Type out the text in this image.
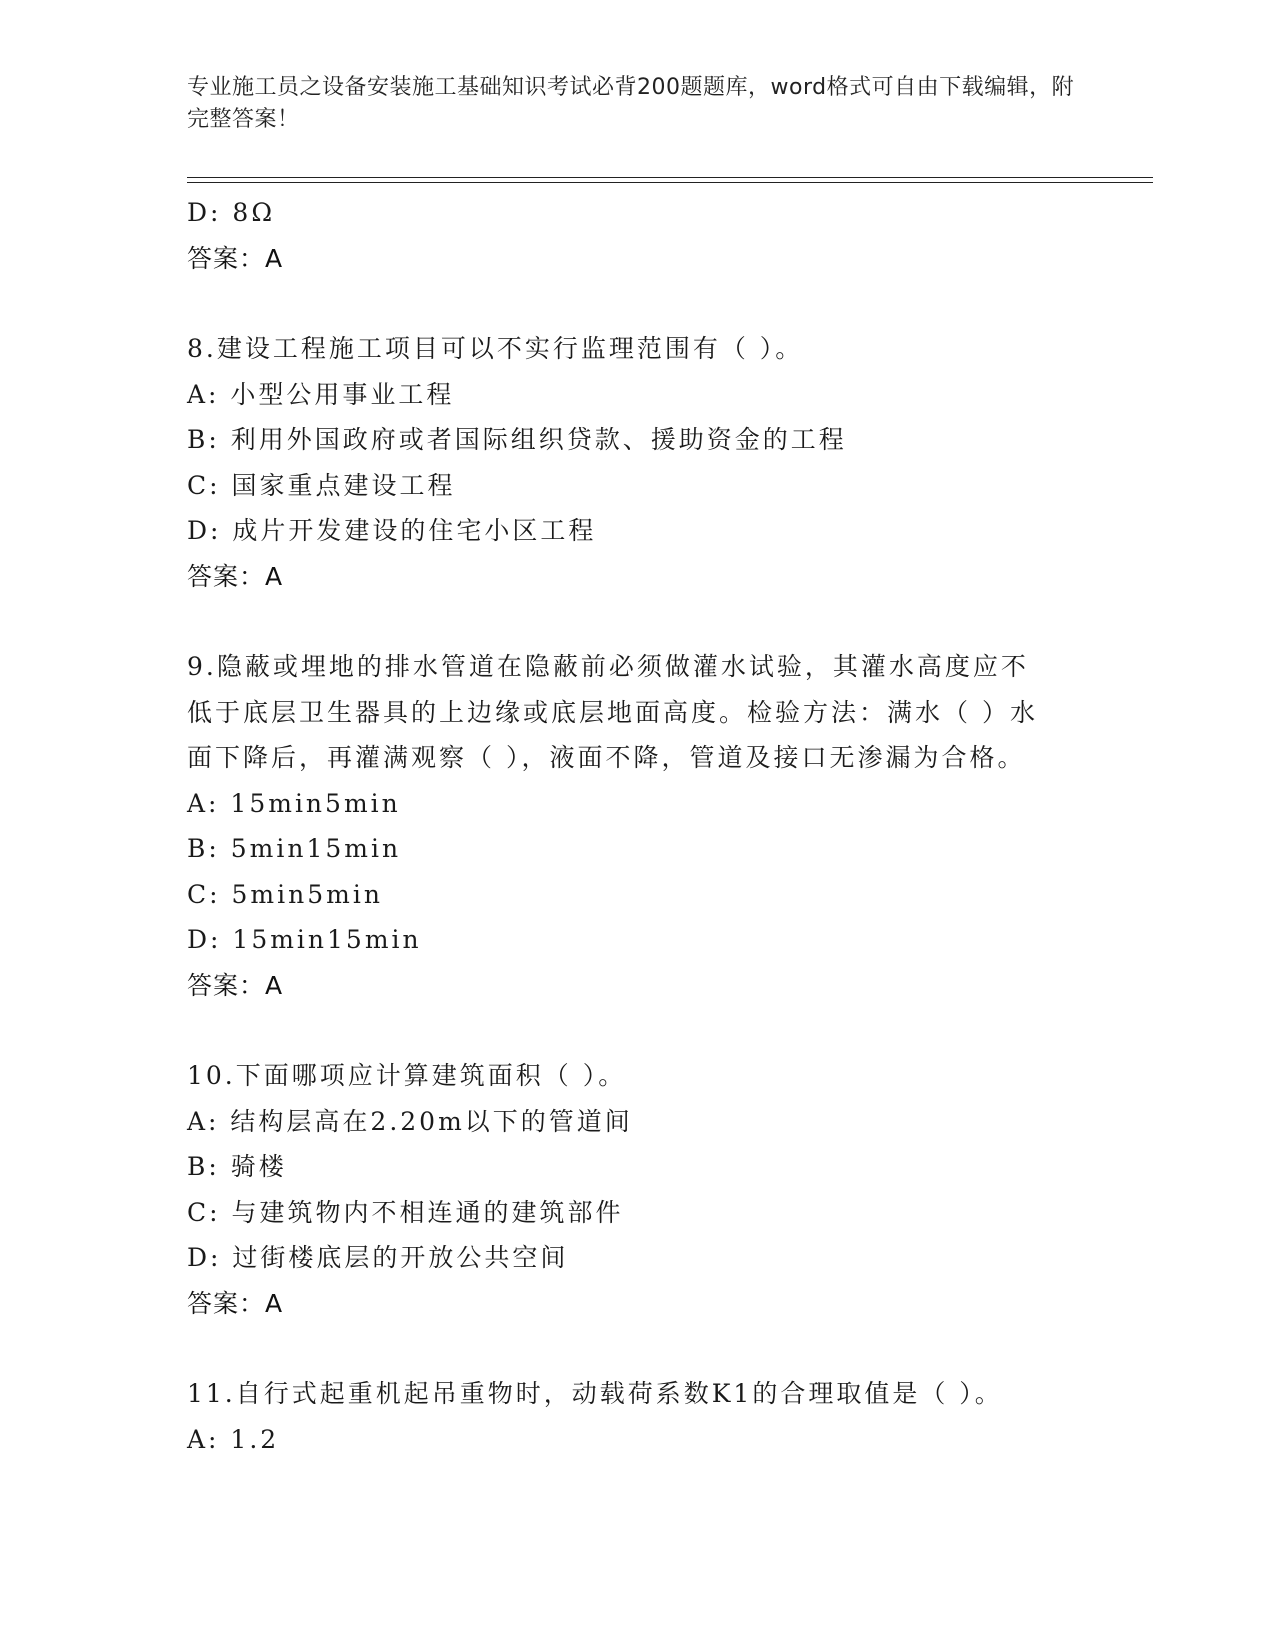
专业施工员之设备安装施工基础知识考试必背200题题库，word格式可自由下载编辑，附完整答案！
D: 8Ω
答案：A
8.建设工程施工项目可以不实行监理范围有（ ）。
A: 小型公用事业工程
B: 利用外国政府或者国际组织贷款、援助资金的工程
C: 国家重点建设工程
D: 成片开发建设的住宅小区工程
答案：A
9.隐蔽或埋地的排水管道在隐蔽前必须做灌水试验，其灌水高度应不
低于底层卫生器具的上边缘或底层地面高度。检验方法：满水（ ）水
面下降后，再灌满观察（ ），液面不降，管道及接口无渗漏为合格。
A: 15min5min
B: 5min15min
C: 5min5min
D: 15min15min
答案：A
10.下面哪项应计算建筑面积（ ）。
A: 结构层高在2.20m以下的管道间
B: 骑楼
C: 与建筑物内不相连通的建筑部件
D: 过街楼底层的开放公共空间
答案：A
11.自行式起重机起吊重物时，动载荷系数K1的合理取值是（ ）。
A: 1.2
